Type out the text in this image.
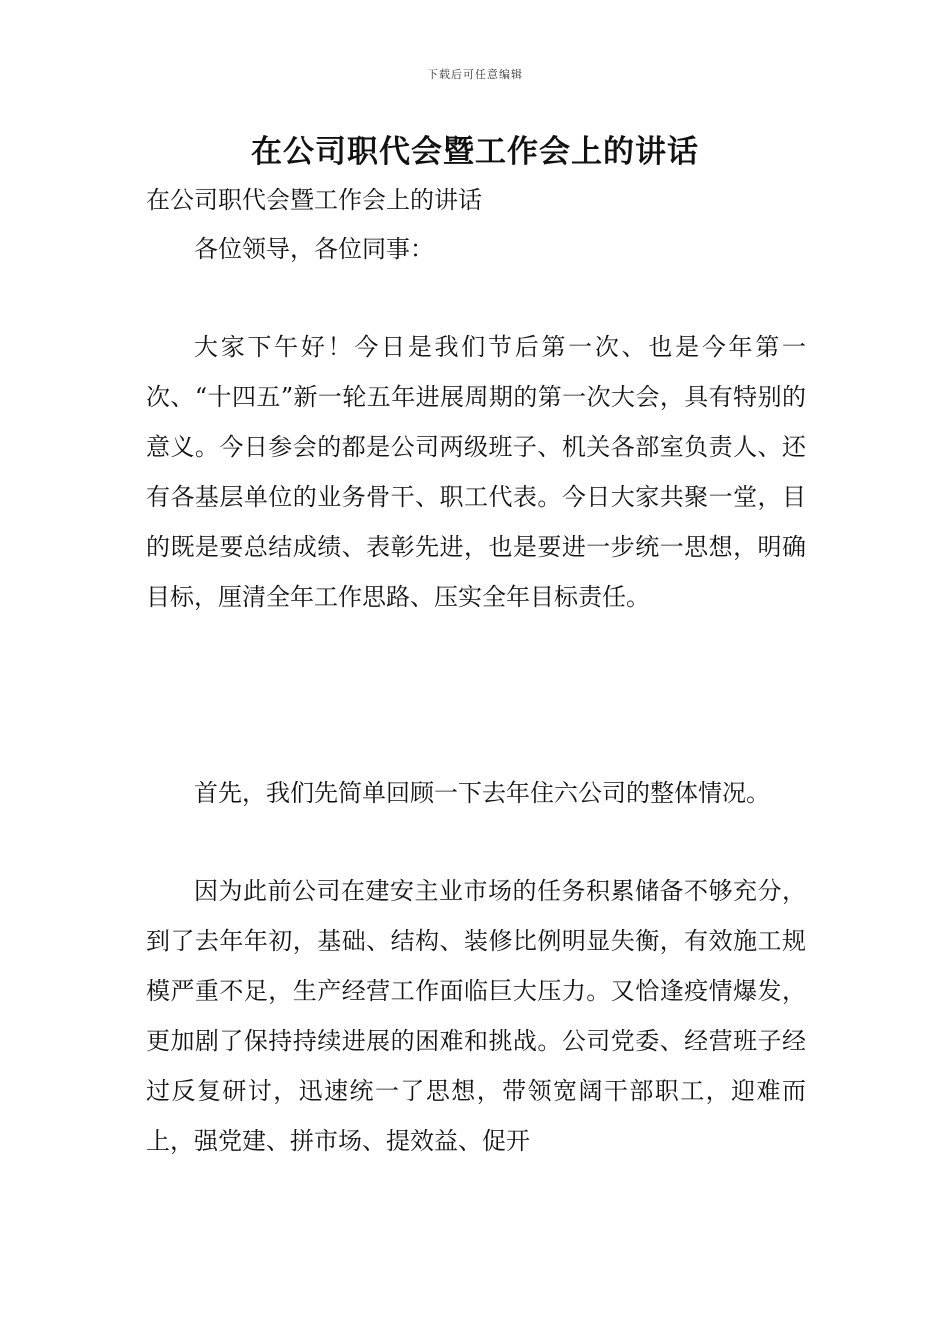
下载后可任意编辑
在公司职代会暨工作会上的讲话

在公司职代会暨工作会上的讲话

各位领导，各位同事：

大家下午好！今日是我们节后第一次、也是今年第一次、“十四五”新一轮五年进展周期的第一次大会，具有特别的意义。今日参会的都是公司两级班子、机关各部室负责人、还有各基层单位的业务骨干、职工代表。今日大家共聚一堂，目的既是要总结成绩、表彰先进，也是要进一步统一思想，明确目标，厘清全年工作思路、压实全年目标责任。

首先，我们先简单回顾一下去年住六公司的整体情况。

因为此前公司在建安主业市场的任务积累储备不够充分，到了去年年初，基础、结构、装修比例明显失衡，有效施工规模严重不足，生产经营工作面临巨大压力。又恰逢疫情爆发，更加剧了保持持续进展的困难和挑战。公司党委、经营班子经过反复研讨，迅速统一了思想，带领宽阔干部职工，迎难而上，强党建、拼市场、提效益、促开
